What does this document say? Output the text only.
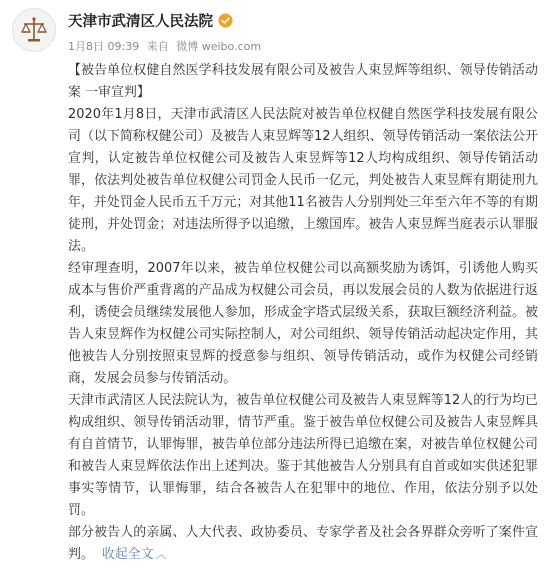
天津市武清区人民法院
1月8日 09:39 来自 微博 weibo.com

【被告单位权健自然医学科技发展有限公司及被告人束昱辉等组织、领导传销活动案 一审宣判】

2020年1月8日，天津市武清区人民法院对被告单位权健自然医学科技发展有限公司（以下简称权健公司）及被告人束昱辉等12人组织、领导传销活动一案依法公开宣判，认定被告单位权健公司及被告人束昱辉等12人均构成组织、领导传销活动罪，依法判处被告单位权健公司罚金人民币一亿元，判处被告人束昱辉有期徒刑九年，并处罚金人民币五千万元；对其他11名被告人分别判处三年至六年不等的有期徒刑，并处罚金；对违法所得予以追缴，上缴国库。被告人束昱辉当庭表示认罪服法。

经审理查明，2007年以来，被告单位权健公司以高额奖励为诱饵，引诱他人购买成本与售价严重背离的产品成为权健公司会员，再以发展会员的人数为依据进行返利，诱使会员继续发展他人参加，形成金字塔式层级关系，获取巨额经济利益。被告人束昱辉作为权健公司实际控制人，对公司组织、领导传销活动起决定作用，其他被告人分别按照束昱辉的授意参与组织、领导传销活动，或作为权健公司经销商，发展会员参与传销活动。

天津市武清区人民法院认为，被告单位权健公司及被告人束昱辉等12人的行为均已构成组织、领导传销活动罪，情节严重。鉴于被告单位权健公司及被告人束昱辉具有自首情节，认罪悔罪，被告单位部分违法所得已追缴在案，对被告单位权健公司和被告人束昱辉依法作出上述判决。鉴于其他被告人分别具有自首或如实供述犯罪事实等情节，认罪悔罪，结合各被告人在犯罪中的地位、作用，依法分别予以处罚。

部分被告人的亲属、人大代表、政协委员、专家学者及社会各界群众旁听了案件宣判。 收起全文 ︿
